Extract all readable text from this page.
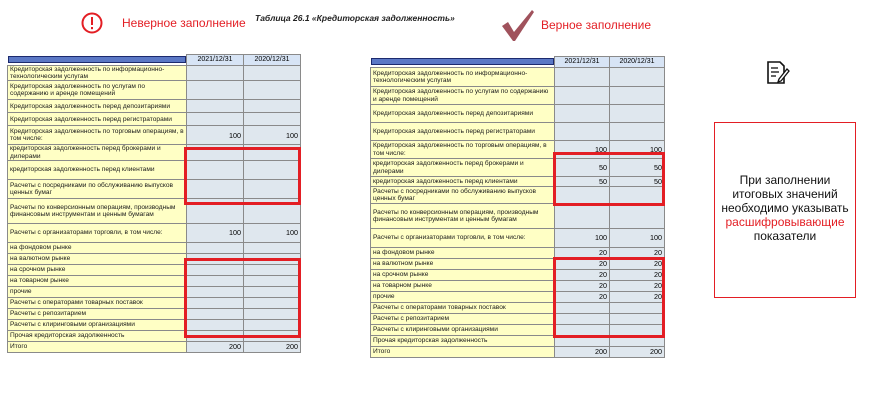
Неверное заполнение Таблица 26.1 «Кредиторская задолженность»	Верное заполнение
	2021/12/31	2020/12/31
Кредиторская задолженность по информационно-технологическим услугам		
Кредиторская задолженность по услугам по содержанию и аренде помещений		
Кредиторская задолженность перед депозитариями		
Кредиторская задолженность перед регистраторами		
Кредиторская задолженность по торговым операциям, в том числе:	100	100
кредиторская задолженность перед брокерами и дилерами		
кредиторская задолженность перед клиентами		
Расчеты с посредниками по обслуживанию выпусков ценных бумаг		
Расчеты по конверсионным операциям, производным финансовым инструментам и ценным бумагам		
Расчеты с организаторами торговли, в том числе:	100	100
на фондовом рынке		
на валютном рынке		
на срочном рынке		
на товарном рынке		
прочие		
Расчеты с операторами товарных поставок		
Расчеты с репозитарием		
Расчеты с клиринговыми организациями		
Прочая кредиторская задолженность		
Итого	200	200
	2021/12/31	2020/12/31
Кредиторская задолженность по информационно-технологическим услугам		
Кредиторская задолженность по услугам по содержанию и аренде помещений		
Кредиторская задолженность перед депозитариями		
Кредиторская задолженность перед регистраторами		
Кредиторская задолженность по торговым операциям, в том числе:	100	100
кредиторская задолженность перед брокерами и дилерами	50	50
кредиторская задолженность перед клиентами	50	50
Расчеты с посредниками по обслуживанию выпусков ценных бумаг		
Расчеты по конверсионным операциям, производным финансовым инструментам и ценным бумагам		
Расчеты с организаторами торговли, в том числе:	100	100
на фондовом рынке	20	20
на валютном рынке	20	20
на срочном рынке	20	20
на товарном рынке	20	20
прочие	20	20
Расчеты с операторами товарных поставок		
Расчеты с репозитарием		
Расчеты с клиринговыми организациями		
Прочая кредиторская задолженность		
Итого	200	200
При заполнении итоговых значений необходимо указывать
расшифровывающие
показатели
